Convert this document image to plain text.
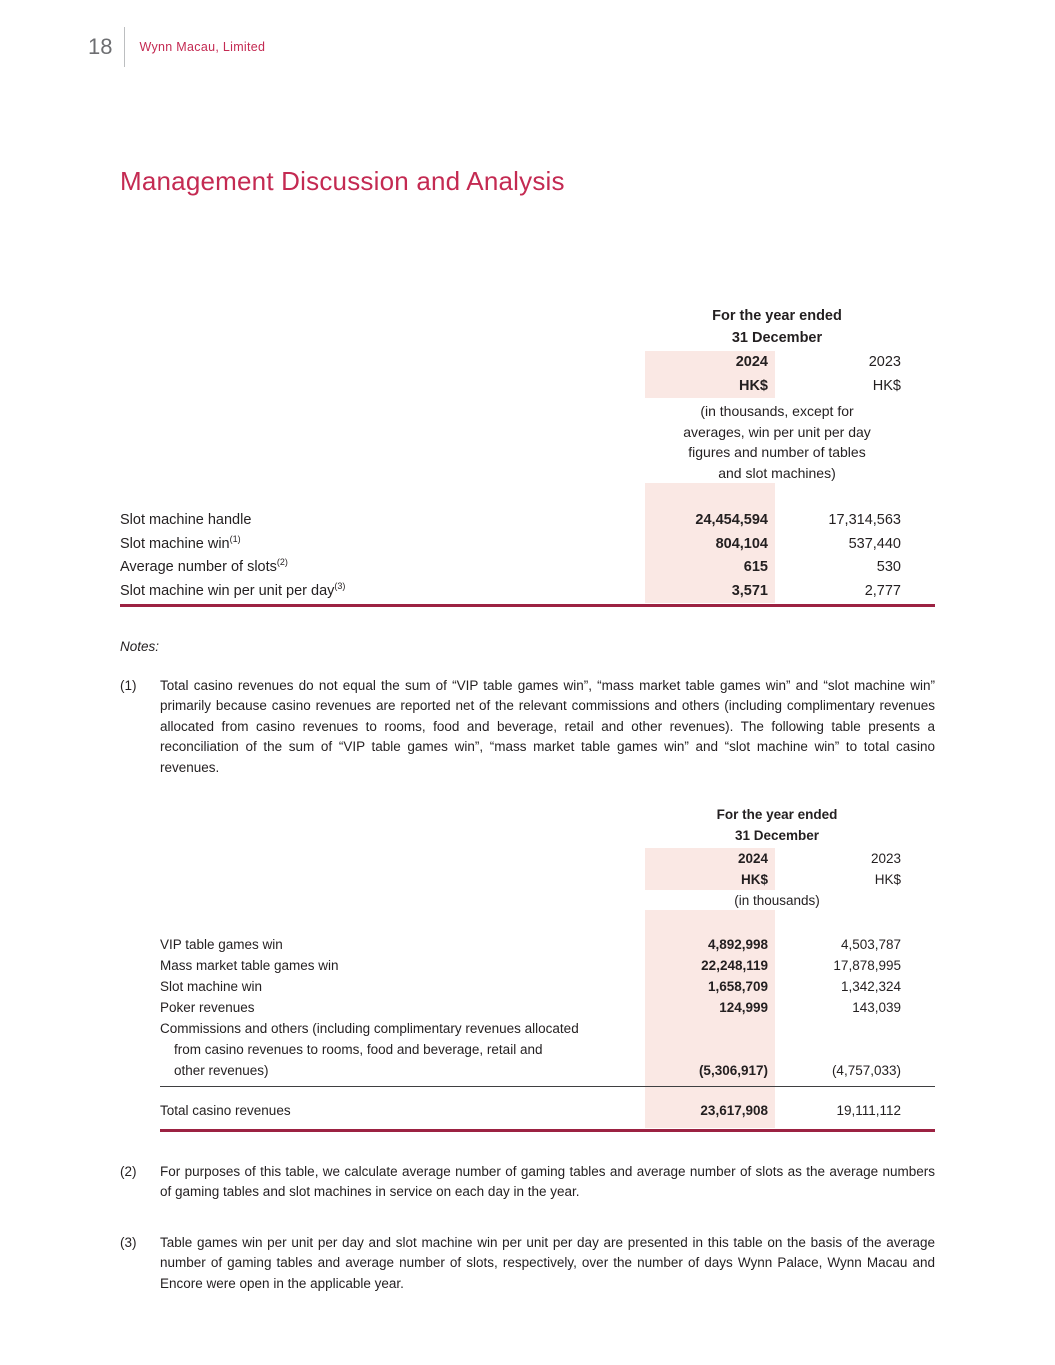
18 Wynn Macau, Limited
Management Discussion and Analysis
For the year ended
31 December
2024	2023
HK$	HK$
(in thousands, except for
averages, win per unit per day
figures and number of tables
and slot machines)
Slot machine handle	24,454,594	17,314,563
Slot machine win$^{(1)}$	804,104	537,440
Average number of slots$^{(2)}$	615	530
Slot machine win per unit per day$^{(3)}$	3,571	2,777
Notes:
(1)	Total casino revenues do not equal the sum of “VIP table games win”, “mass market table games win” and “slot machine win” primarily because casino revenues are reported net of the relevant commissions and others (including complimentary revenues allocated from casino revenues to rooms, food and beverage, retail and other revenues). The following table presents a reconciliation of the sum of “VIP table games win”, “mass market table games win” and “slot machine win” to total casino revenues.
For the year ended
31 December
2024	2023
HK$	HK$
(in thousands)
VIP table games win	4,892,998	4,503,787
Mass market table games win	22,248,119	17,878,995
Slot machine win	1,658,709	1,342,324
Poker revenues	124,999	143,039
Commissions and others (including complimentary revenues allocated
from casino revenues to rooms, food and beverage, retail and
other revenues)	(5,306,917)	(4,757,033)
Total casino revenues	23,617,908	19,111,112
(2)	For purposes of this table, we calculate average number of gaming tables and average number of slots as the average numbers of gaming tables and slot machines in service on each day in the year.
(3)	Table games win per unit per day and slot machine win per unit per day are presented in this table on the basis of the average number of gaming tables and average number of slots, respectively, over the number of days Wynn Palace, Wynn Macau and Encore were open in the applicable year.
